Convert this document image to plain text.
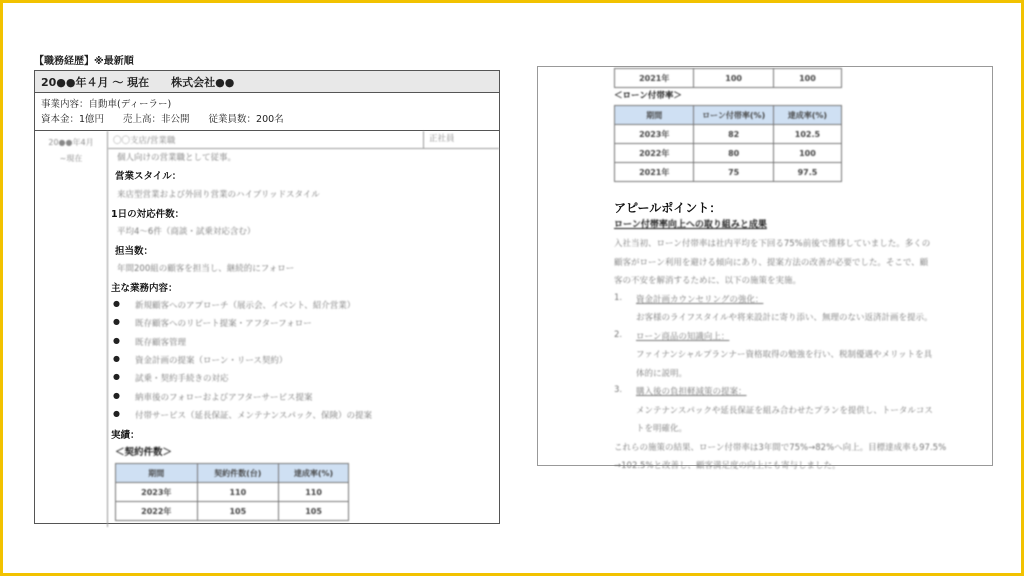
【職務経歴】※最新順
20●●年４月 ～ 現在　　株式会社●●
事業内容：自動車(ディーラー)
資本金：1億円　　売上高：非公開　　従業員数：200名
20●●年4月
~現在
〇〇支店/営業職	正社員
個人向けの営業職として従事。
営業スタイル：
来店型営業および外回り営業のハイブリッドスタイル
1日の対応件数：
平均4～6件（商談・試乗対応含む）
担当数：
年間200組の顧客を担当し、継続的にフォロー
主な業務内容：
● 新規顧客へのアプローチ（展示会、イベント、紹介営業）
● 既存顧客へのリピート提案・アフターフォロー
● 既存顧客管理
● 資金計画の提案（ローン・リース契約）
● 試乗・契約手続きの対応
● 納車後のフォローおよびアフターサービス提案
● 付帯サービス（延長保証、メンテナンスパック、保険）の提案
実績：
＜契約件数＞
期間	契約件数(台)	達成率(%)
2023年	110	110
2022年	105	105
2021年	100	100
＜ローン付帯率＞
期間	ローン付帯率(%)	達成率(%)
2023年	82	102.5
2022年	80	100
2021年	75	97.5
アピールポイント：
ローン付帯率向上への取り組みと成果
入社当初、ローン付帯率は社内平均を下回る75%前後で推移していました。多くの
顧客がローン利用を避ける傾向にあり、提案方法の改善が必要でした。そこで、顧
客の不安を解消するために、以下の施策を実施。
1. 資金計画カウンセリングの強化：
お客様のライフスタイルや将来設計に寄り添い、無理のない返済計画を提示。
2. ローン商品の知識向上：
ファイナンシャルプランナー資格取得の勉強を行い、税制優遇やメリットを具
体的に説明。
3. 購入後の負担軽減策の提案：
メンテナンスパックや延長保証を組み合わせたプランを提供し、トータルコス
トを明確化。
これらの施策の結果、ローン付帯率は3年間で75%→82%へ向上。目標達成率も97.5%
→102.5%と改善し、顧客満足度の向上にも寄与しました。
